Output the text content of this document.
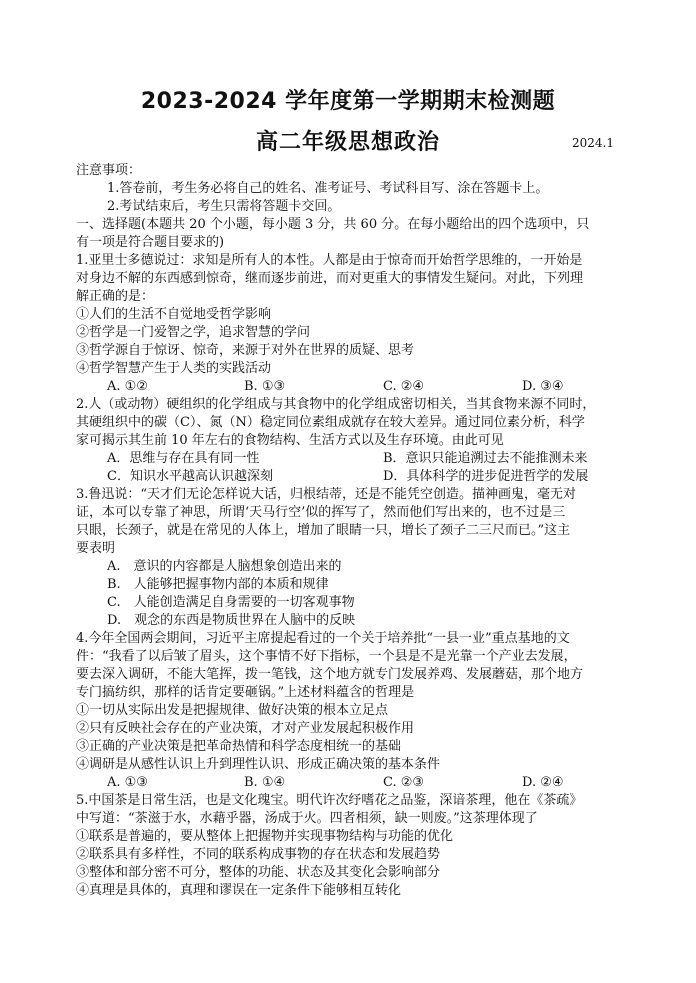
2023-2024 学年度第一学期期末检测题
高二年级思想政治	2024.1
注意事项：
1.答卷前，考生务必将自己的姓名、准考证号、考试科目写、涂在答题卡上。
2.考试结束后，考生只需将答题卡交回。
一、选择题(本题共 20 个小题，每小题 3 分，共 60 分。在每小题给出的四个选项中，只
有一项是符合题目要求的)
1.亚里士多德说过：求知是所有人的本性。人都是由于惊奇而开始哲学思维的，一开始是
对身边不解的东西感到惊奇，继而逐步前进，而对更重大的事情发生疑问。对此，下列理
解正确的是：
①人们的生活不自觉地受哲学影响
②哲学是一门爱智之学，追求智慧的学问
③哲学源自于惊讶、惊奇，来源于对外在世界的质疑、思考
④哲学智慧产生于人类的实践活动
A. ①②	B. ①③	C. ②④	D. ③④
2.人（或动物）硬组织的化学组成与其食物中的化学组成密切相关，当其食物来源不同时，
其硬组织中的碳（C）、氮（N）稳定同位素组成就存在较大差异。通过同位素分析，科学
家可揭示其生前 10 年左右的食物结构、生活方式以及生存环境。由此可见
A．思维与存在具有同一性	B．意识只能追溯过去不能推测未来
C．知识水平越高认识越深刻	D．具体科学的进步促进哲学的发展
3.鲁迅说：“天才们无论怎样说大话，归根结蒂，还是不能凭空创造。描神画鬼，毫无对
证，本可以专靠了神思，所谓‘天马行空’似的挥写了，然而他们写出来的，也不过是三
只眼，长颈子，就是在常见的人体上，增加了眼睛一只，增长了颈子二三尺而已。”这主
要表明
A.　意识的内容都是人脑想象创造出来的
B.　人能够把握事物内部的本质和规律
C.　人能创造满足自身需要的一切客观事物
D.　观念的东西是物质世界在人脑中的反映
4.今年全国两会期间，习近平主席提起看过的一个关于培养批“一县一业”重点基地的文
件：“我看了以后皱了眉头，这个事情不好下指标，一个县是不是光靠一个产业去发展，
要去深入调研，不能大笔挥，拨一笔钱，这个地方就专门发展养鸡、发展蘑菇，那个地方
专门搞纺织，那样的话肯定要砸锅。”上述材料蕴含的哲理是
①一切从实际出发是把握规律、做好决策的根本立足点
②只有反映社会存在的产业决策，才对产业发展起积极作用
③正确的产业决策是把革命热情和科学态度相统一的基础
④调研是从感性认识上升到理性认识、形成正确决策的基本条件
A. ①③	B. ①④	C. ②③	D. ②④
5.中国茶是日常生活，也是文化瑰宝。明代许次纾嗜花之品鉴，深谙茶理，他在《茶疏》
中写道：“茶滋于水，水藉乎器，汤成于火。四者相须，缺一则废。”这茶理体现了
①联系是普遍的，要从整体上把握物并实现事物结构与功能的优化
②联系具有多样性，不同的联系构成事物的存在状态和发展趋势
③整体和部分密不可分，整体的功能、状态及其变化会影响部分
④真理是具体的，真理和谬误在一定条件下能够相互转化
